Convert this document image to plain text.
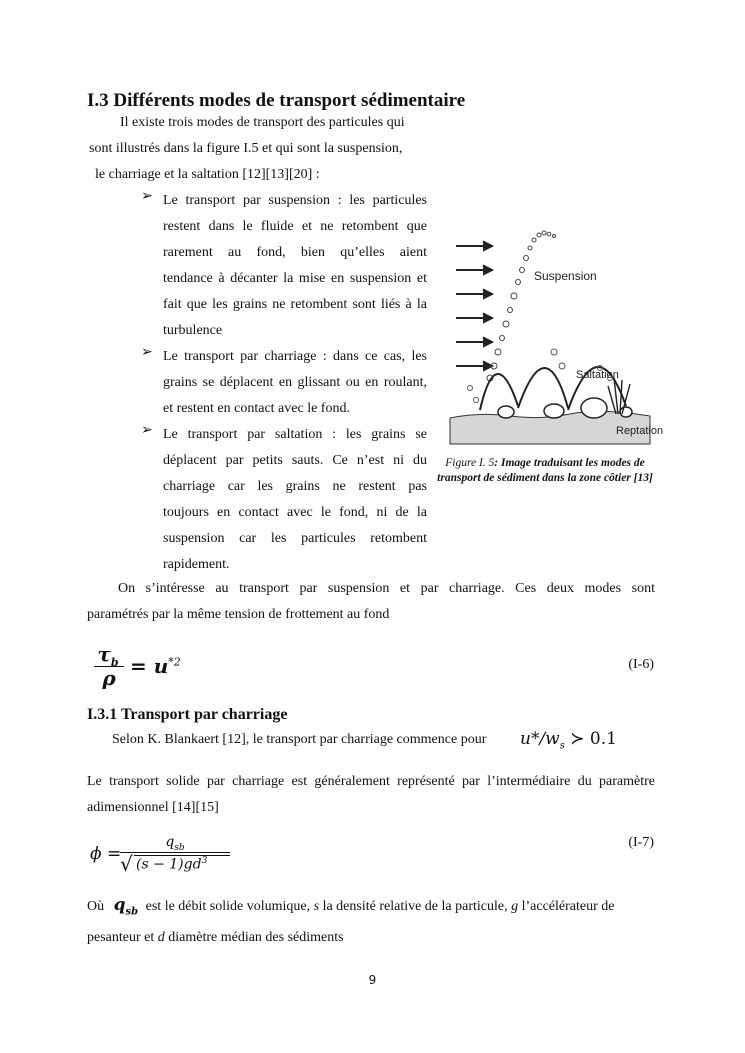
I.3 Différents modes de transport sédimentaire
Il existe trois modes de transport des particules qui
sont illustrés dans la figure I.5 et qui sont la suspension,
le charriage et la saltation [12][13][20] :
➢ Le transport par suspension : les particules
restent dans le fluide et ne retombent que
rarement au fond, bien qu’elles aient
tendance à décanter la mise en suspension et
fait que les grains ne retombent sont liés à la
turbulence
➢ Le transport par charriage : dans ce cas, les
grains se déplacent en glissant ou en roulant,
et restent en contact avec le fond.
➢ Le transport par saltation : les grains se
déplacent par petits sauts. Ce n’est ni du
charriage car les grains ne restent pas
toujours en contact avec le fond, ni de la
suspension car les particules retombent
rapidement.
Suspension
Saltation
Reptation
Figure I. 5: Image traduisant les modes de transport de sédiment dans la zone côtier [13]
On s’intéresse au transport par suspension et par charriage. Ces deux modes sont
paramétrés par la même tension de frottement au fond
$\tau_b$
$\rho = u^{*2}$	(I-6)
I.3.1 Transport par charriage
Selon K. Blankaert [12], le transport par charriage commence pour $u*/w_s$ ≻ 0.1
Le transport solide par charriage est généralement représenté par l’intermédiaire du paramètre
adimensionnel [14][15]
ϕ =
$q_{sb}$
√ $(s - 1)gd^3$
(I-7)
Où $q_{sb}$ est le débit solide volumique, s la densité relative de la particule, g l’accélérateur de
pesanteur et d diamètre médian des sédiments
9
